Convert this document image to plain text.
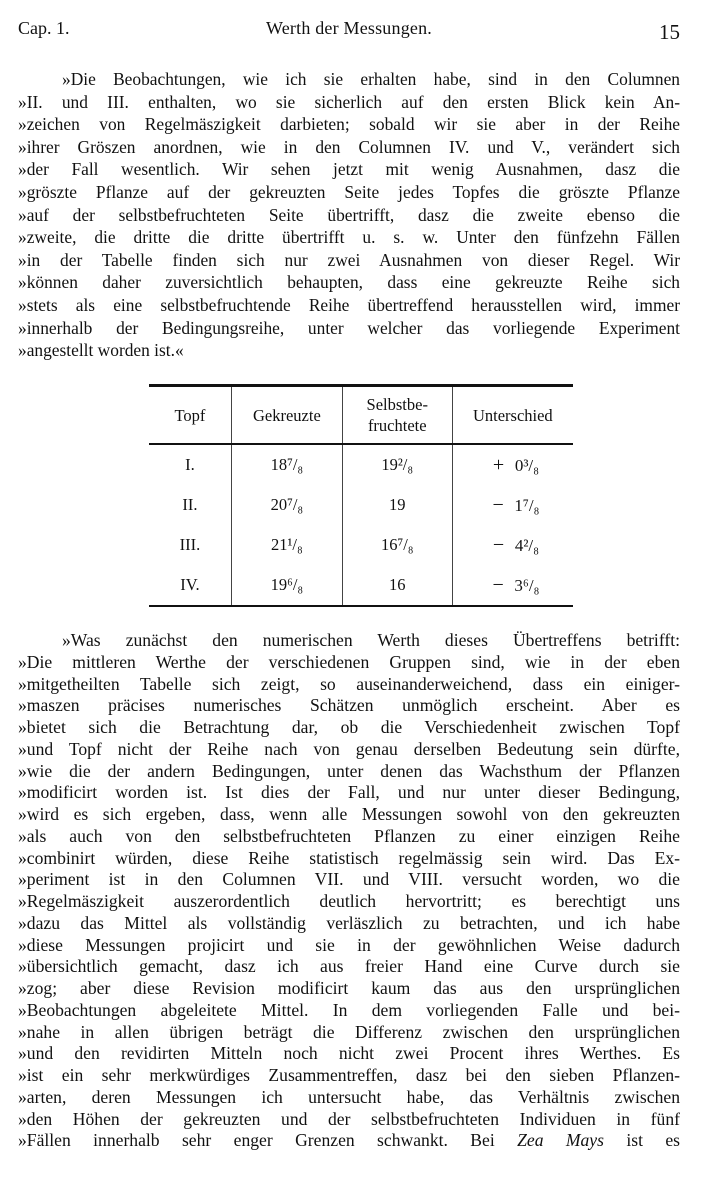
Cap. 1.	Werth der Messungen.	15
»Die Beobachtungen, wie ich sie erhalten habe, sind in den Columnen
»II. und III. enthalten, wo sie sicherlich auf den ersten Blick kein An-
»zeichen von Regelmäszigkeit darbieten; sobald wir sie aber in der Reihe
»ihrer Gröszen anordnen, wie in den Columnen IV. und V., verändert sich
»der Fall wesentlich. Wir sehen jetzt mit wenig Ausnahmen, dasz die
»gröszte Pflanze auf der gekreuzten Seite jedes Topfes die gröszte Pflanze
»auf der selbstbefruchteten Seite übertrifft, dasz die zweite ebenso die
»zweite, die dritte die dritte übertrifft u. s. w. Unter den fünfzehn Fällen
»in der Tabelle finden sich nur zwei Ausnahmen von dieser Regel. Wir
»können daher zuversichtlich behaupten, dass eine gekreuzte Reihe sich
»stets als eine selbstbefruchtende Reihe übertreffend herausstellen wird, immer
»innerhalb der Bedingungsreihe, unter welcher das vorliegende Experiment
»angestellt worden ist.«
Topf	Gekreuzte	Selbstbe-
fruchtete	Unterschied
I.	18⁷/₈	19²/₈	+ 0³/₈
II.	20⁷/₈	19	− 1⁷/₈
III.	21¹/₈	16⁷/₈	− 4²/₈
IV.	19⁶/₈	16	− 3⁶/₈
»Was zunächst den numerischen Werth dieses Übertreffens betrifft:
»Die mittleren Werthe der verschiedenen Gruppen sind, wie in der eben
»mitgetheilten Tabelle sich zeigt, so auseinanderweichend, dass ein einiger-
»maszen präcises numerisches Schätzen unmöglich erscheint. Aber es
»bietet sich die Betrachtung dar, ob die Verschiedenheit zwischen Topf
»und Topf nicht der Reihe nach von genau derselben Bedeutung sein dürfte,
»wie die der andern Bedingungen, unter denen das Wachsthum der Pflanzen
»modificirt worden ist. Ist dies der Fall, und nur unter dieser Bedingung,
»wird es sich ergeben, dass, wenn alle Messungen sowohl von den gekreuzten
»als auch von den selbstbefruchteten Pflanzen zu einer einzigen Reihe
»combinirt würden, diese Reihe statistisch regelmässig sein wird. Das Ex-
»periment ist in den Columnen VII. und VIII. versucht worden, wo die
»Regelmäszigkeit auszerordentlich deutlich hervortritt; es berechtigt uns
»dazu das Mittel als vollständig verläszlich zu betrachten, und ich habe
»diese Messungen projicirt und sie in der gewöhnlichen Weise dadurch
»übersichtlich gemacht, dasz ich aus freier Hand eine Curve durch sie
»zog; aber diese Revision modificirt kaum das aus den ursprünglichen
»Beobachtungen abgeleitete Mittel. In dem vorliegenden Falle und bei-
»nahe in allen übrigen beträgt die Differenz zwischen den ursprünglichen
»und den revidirten Mitteln noch nicht zwei Procent ihres Werthes. Es
»ist ein sehr merkwürdiges Zusammentreffen, dasz bei den sieben Pflanzen-
»arten, deren Messungen ich untersucht habe, das Verhältnis zwischen
»den Höhen der gekreuzten und der selbstbefruchteten Individuen in fünf
»Fällen innerhalb sehr enger Grenzen schwankt. Bei Zea Mays ist es
